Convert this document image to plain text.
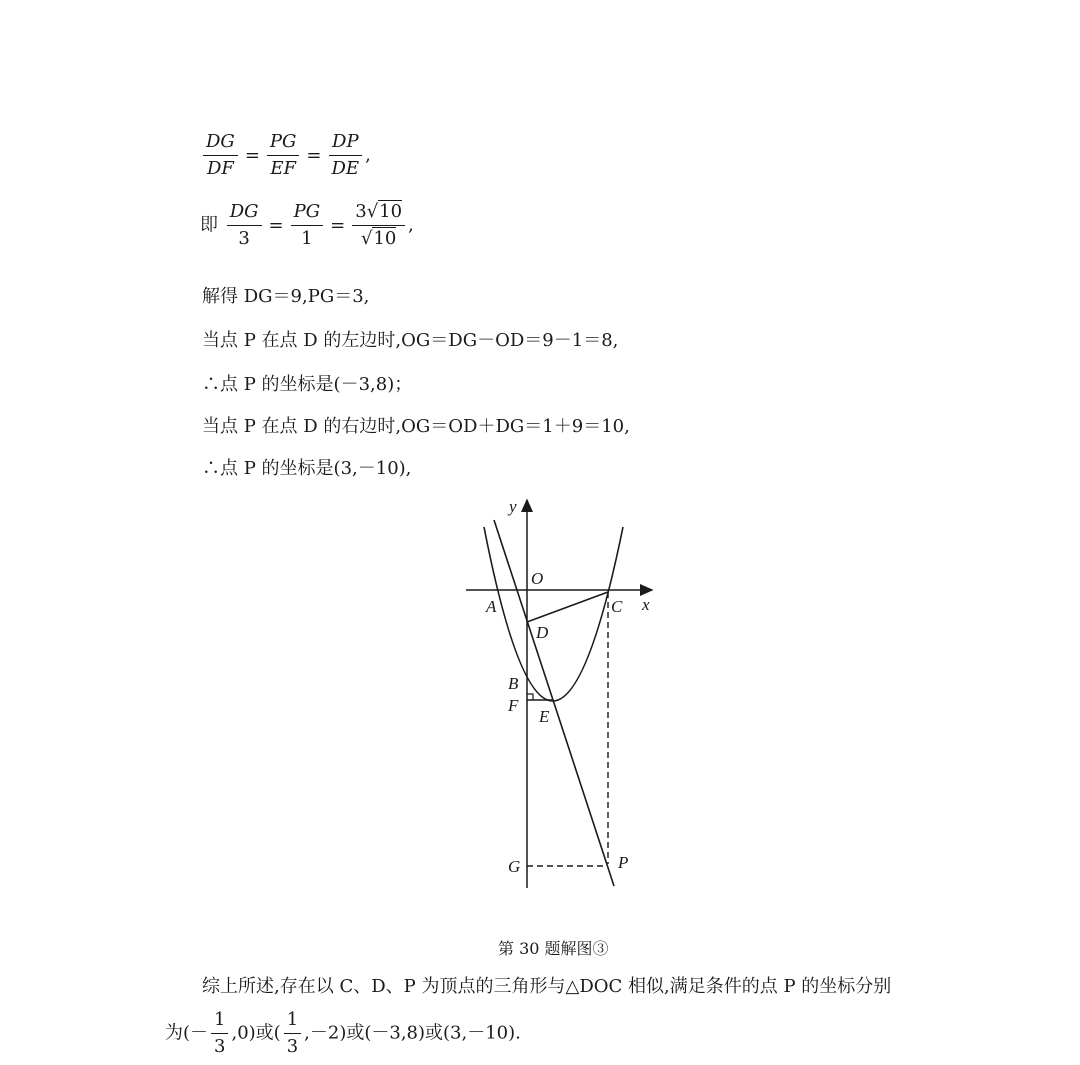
$\frac{DG}{DF} = \frac{PG}{EF} = \frac{DP}{DE}$ ,
即 $\frac{DG}{3} = \frac{PG}{1} = \frac{3√10}{√10}$ ,
解得 DG＝9,PG＝3,
当点 P 在点 D 的左边时,OG＝DG－OD＝9－1＝8,
∴点 P 的坐标是(－3,8)；
当点 P 在点 D 的右边时,OG＝OD＋DG＝1＋9＝10,
∴点 P 的坐标是(3,－10),
y
x
O
A	C
D
B
F
E
G	P
第 30 题解图③
综上所述,存在以 C、D、P 为顶点的三角形与△DOC 相似,满足条件的点 P 的坐标分别
为(－ $\frac{1}{3} ,0$)或( $\frac{1}{3} ,-2$)或(－3,8)或(3,－10).
